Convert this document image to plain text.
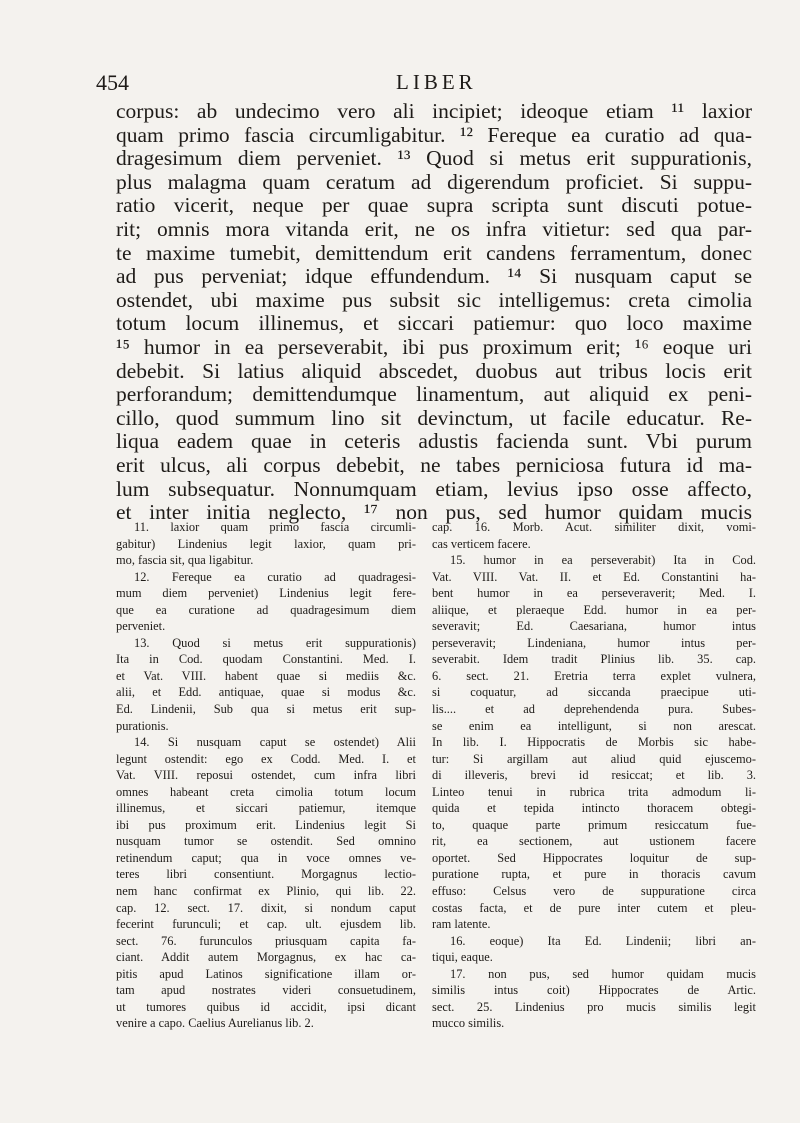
454	LIBER
corpus: ab undecimo vero ali incipiet; ideoque etiam ¹¹ laxior
quam primo fascia circumligabitur. ¹² Fereque ea curatio ad qua-
dragesimum diem perveniet. ¹³ Quod si metus erit suppurationis,
plus malagma quam ceratum ad digerendum proficiet. Si suppu-
ratio vicerit, neque per quae supra scripta sunt discuti potue-
rit; omnis mora vitanda erit, ne os infra vitietur: sed qua par-
te maxime tumebit, demittendum erit candens ferramentum, donec
ad pus perveniat; idque effundendum. ¹⁴ Si nusquam caput se
ostendet, ubi maxime pus subsit sic intelligemus: creta cimolia
totum locum illinemus, et siccari patiemur: quo loco maxime
¹⁵ humor in ea perseverabit, ibi pus proximum erit; ¹⁶ eoque uri
debebit. Si latius aliquid abscedet, duobus aut tribus locis erit
perforandum; demittendumque linamentum, aut aliquid ex peni-
cillo, quod summum lino sit devinctum, ut facile educatur. Re-
liqua eadem quae in ceteris adustis facienda sunt. Vbi purum
erit ulcus, ali corpus debebit, ne tabes perniciosa futura id ma-
lum subsequatur. Nonnumquam etiam, levius ipso osse affecto,
et inter initia neglecto, ¹⁷ non pus, sed humor quidam mucis
11. laxior quam primo fascia circumli-
gabitur) Lindenius legit laxior, quam pri-
mo, fascia sit, qua ligabitur.
12. Fereque ea curatio ad quadragesi-
mum diem perveniet) Lindenius legit fere-
que ea curatione ad quadragesimum diem
perveniet.
13. Quod si metus erit suppurationis)
Ita in Cod. quodam Constantini. Med. I.
et Vat. VIII. habent quae si mediis &c.
alii, et Edd. antiquae, quae si modus &c.
Ed. Lindenii, Sub qua si metus erit sup-
purationis.
14. Si nusquam caput se ostendet) Alii
legunt ostendit: ego ex Codd. Med. I. et
Vat. VIII. reposui ostendet, cum infra libri
omnes habeant creta cimolia totum locum
illinemus, et siccari patiemur, itemque
ibi pus proximum erit. Lindenius legit Si
nusquam tumor se ostendit. Sed omnino
retinendum caput; qua in voce omnes ve-
teres libri consentiunt. Morgagnus lectio-
nem hanc confirmat ex Plinio, qui lib. 22.
cap. 12. sect. 17. dixit, si nondum caput
fecerint furunculi; et cap. ult. ejusdem lib.
sect. 76. furunculos priusquam capita fa-
ciant. Addit autem Morgagnus, ex hac ca-
pitis apud Latinos significatione illam or-
tam apud nostrates videri consuetudinem,
ut tumores quibus id accidit, ipsi dicant
venire a capo. Caelius Aurelianus lib. 2.
cap. 16. Morb. Acut. similiter dixit, vomi-
cas verticem facere.
15. humor in ea perseverabit) Ita in Cod.
Vat. VIII. Vat. II. et Ed. Constantini ha-
bent humor in ea perseveraverit; Med. I.
aliique, et pleraeque Edd. humor in ea per-
severavit; Ed. Caesariana, humor intus
perseveravit; Lindeniana, humor intus per-
severabit. Idem tradit Plinius lib. 35. cap.
6. sect. 21. Eretria terra explet vulnera,
si coquatur, ad siccanda praecipue uti-
lis.... et ad deprehendenda pura. Subes-
se enim ea intelligunt, si non arescat.
In lib. I. Hippocratis de Morbis sic habe-
tur: Si argillam aut aliud quid ejuscemo-
di illeveris, brevi id resiccat; et lib. 3.
Linteo tenui in rubrica trita admodum li-
quida et tepida intincto thoracem obtegi-
to, quaque parte primum resiccatum fue-
rit, ea sectionem, aut ustionem facere
oportet. Sed Hippocrates loquitur de sup-
puratione rupta, et pure in thoracis cavum
effuso: Celsus vero de suppuratione circa
costas facta, et de pure inter cutem et pleu-
ram latente.
16. eoque) Ita Ed. Lindenii; libri an-
tiqui, eaque.
17. non pus, sed humor quidam mucis
similis intus coit) Hippocrates de Artic.
sect. 25. Lindenius pro mucis similis legit
mucco similis.
